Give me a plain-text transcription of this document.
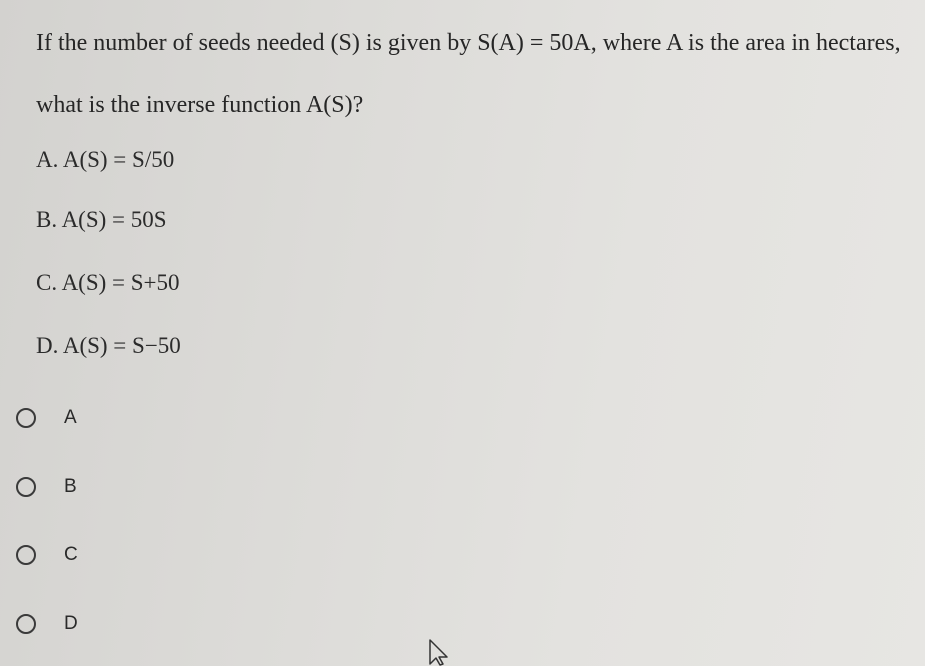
If the number of seeds needed (S) is given by S(A) = 50A, where A is the area in hectares, what is the inverse function A(S)?
A. A(S) = S/50
B. A(S) = 50S
C. A(S) = S+50
D. A(S) = S−50
A
B
C
D
